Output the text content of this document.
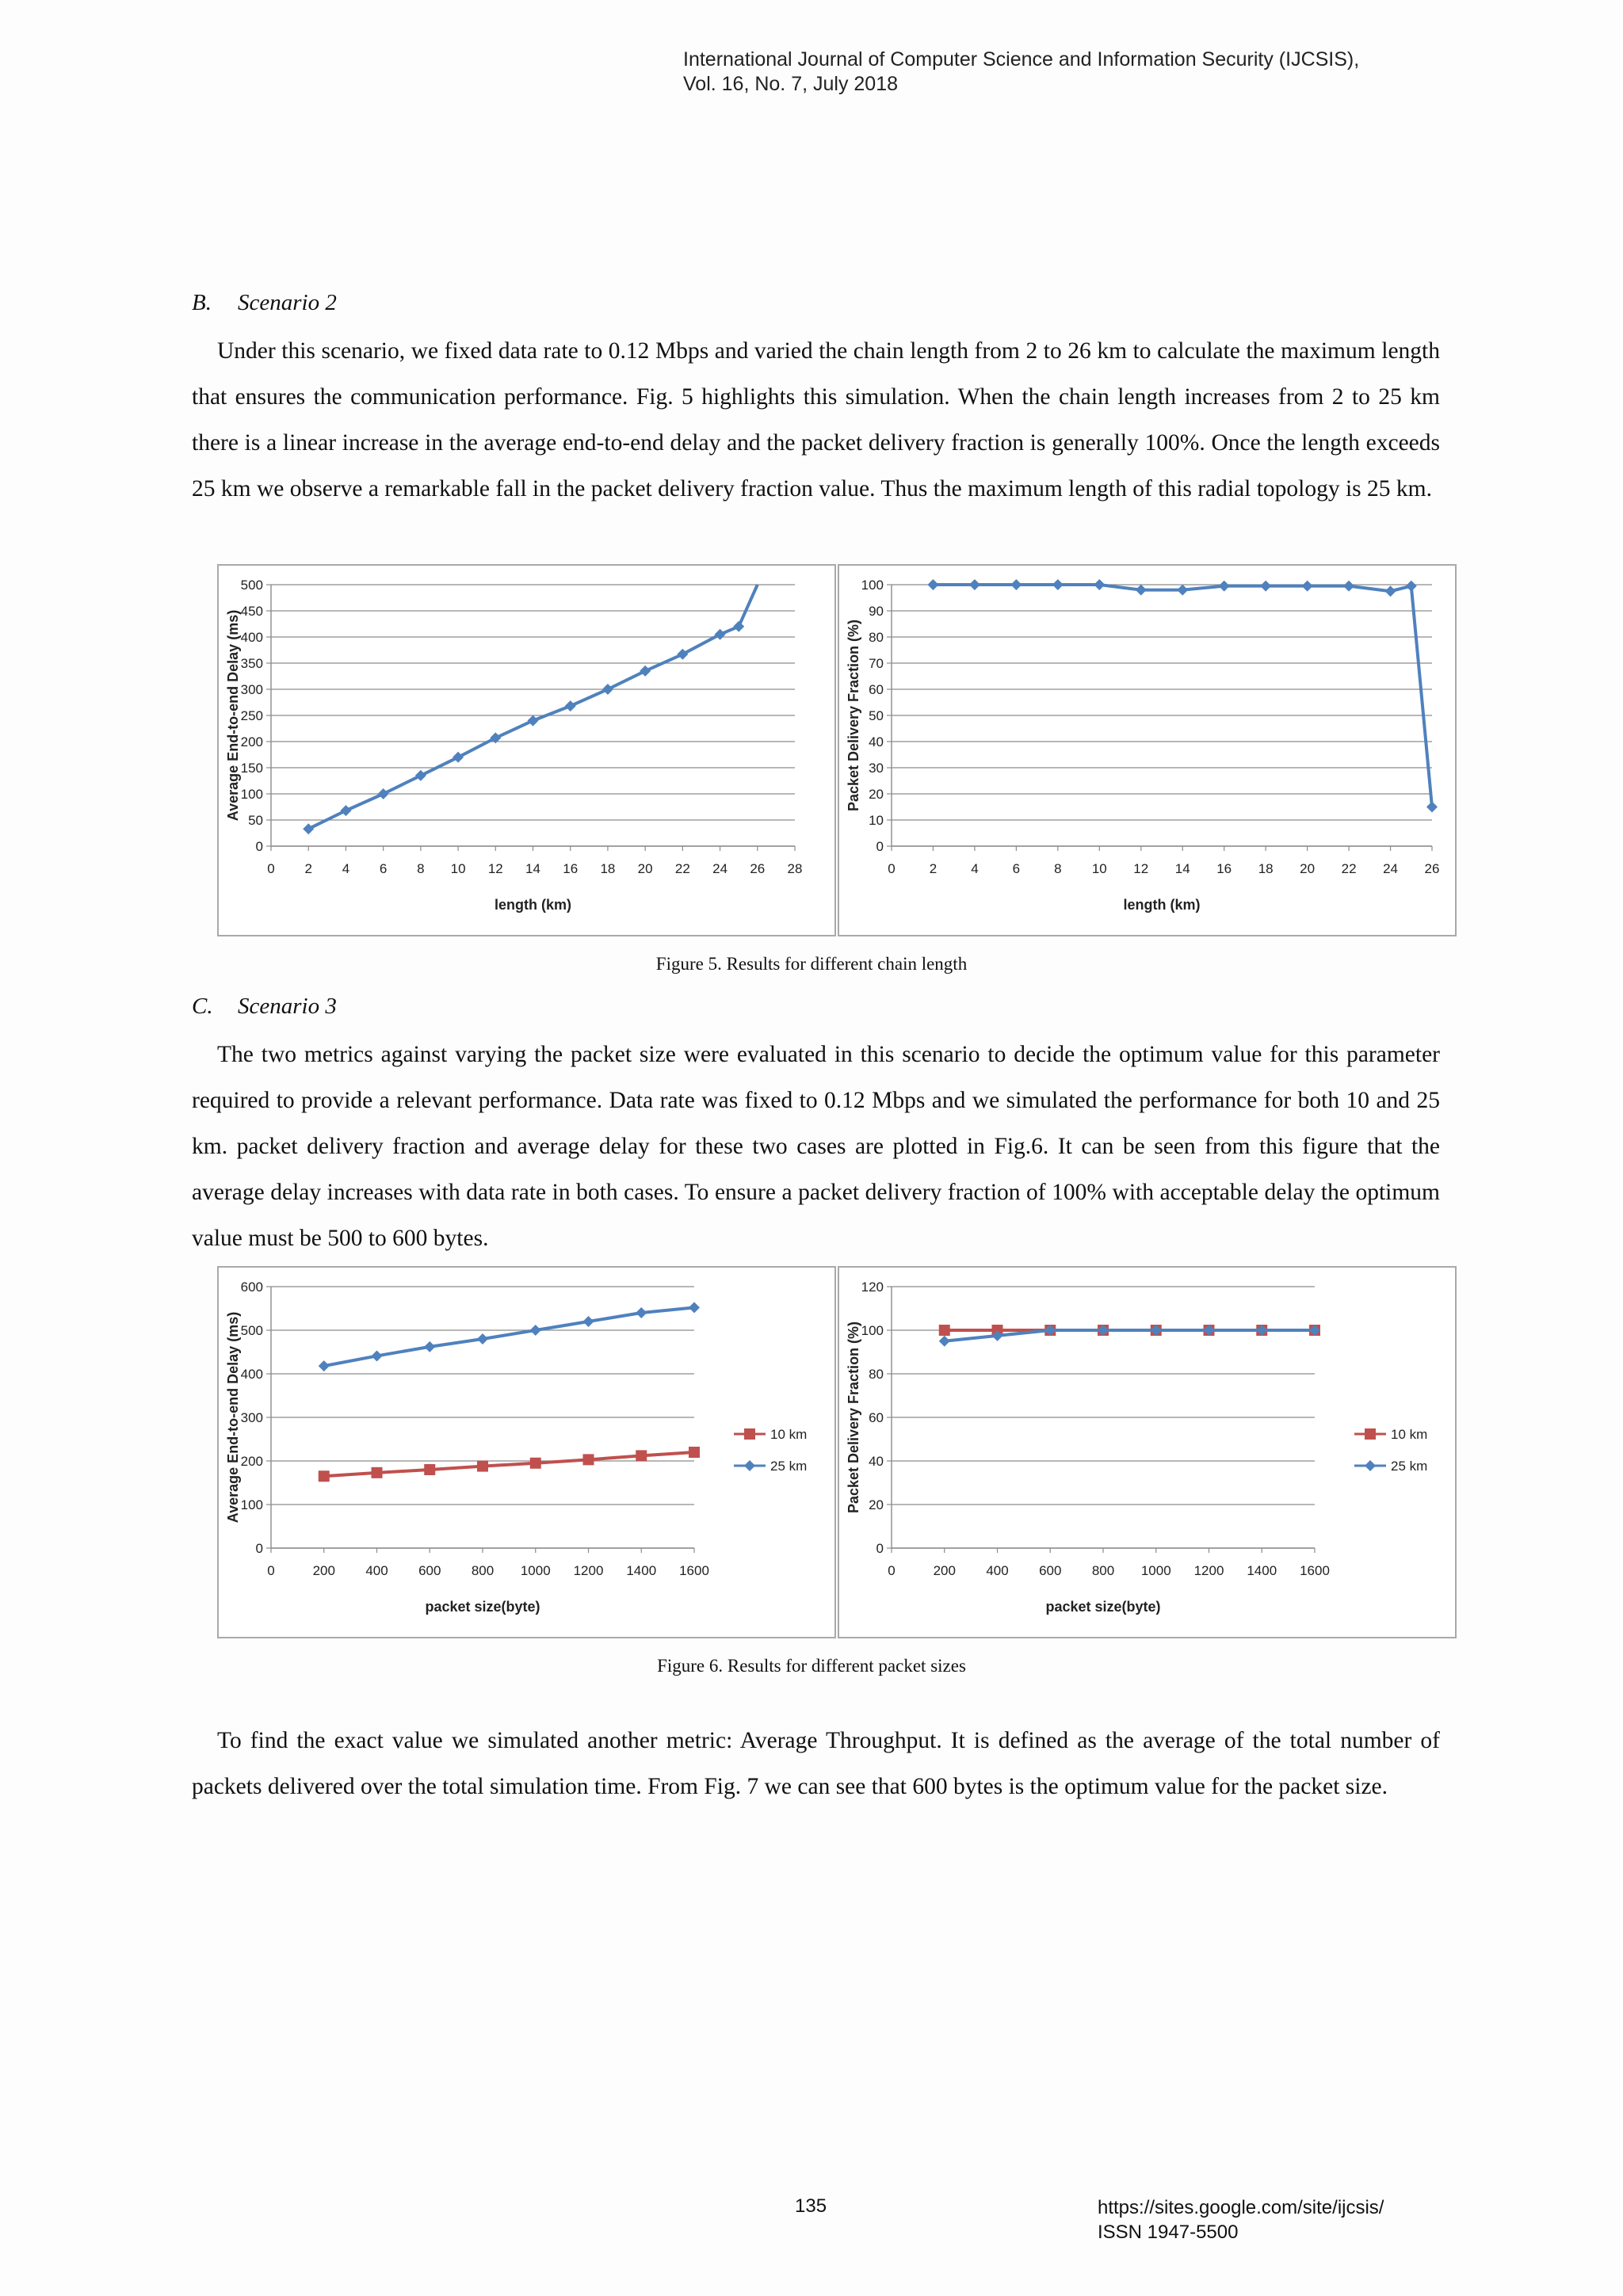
International Journal of Computer Science and Information Security (IJCSIS),
Vol. 16, No. 7, July 2018
B. Scenario 2
Under this scenario, we fixed data rate to 0.12 Mbps and varied the chain length from 2 to 26 km to calculate the maximum length that ensures the communication performance. Fig. 5 highlights this simulation. When the chain length increases from 2 to 25 km there is a linear increase in the average end-to-end delay and the packet delivery fraction is generally 100%. Once the length exceeds 25 km we observe a remarkable fall in the packet delivery fraction value. Thus the maximum length of this radial topology is 25 km.
0
50
100
150
200
250
300
350
400
450
500
0 2 4 6 8 10 12 14 16 18 20 22 24 26 28
length (km)
Average End-to-end Delay (ms)
0
10
20
30
40
50
60
70
80
90
100
0	2	4	6	8 10 12 14 16 18 20 22 24 26
length (km)
Packet Delivery Fraction (%)
Figure 5. Results for different chain length
C. Scenario 3
The two metrics against varying the packet size were evaluated in this scenario to decide the optimum value for this parameter required to provide a relevant performance. Data rate was fixed to 0.12 Mbps and we simulated the performance for both 10 and 25 km. packet delivery fraction and average delay for these two cases are plotted in Fig.6. It can be seen from this figure that the average delay increases with data rate in both cases. To ensure a packet delivery fraction of 100% with acceptable delay the optimum value must be 500 to 600 bytes.
0
100
200
300
400
500
600
0	200 400 600 800 1000 1200 1400 1600
packet size(byte)
Average End-to-end Delay (ms)	10 km
25 km
0
20
40
60
80
100
120
0	200 400 600 800 1000 1200 1400 1600
packet size(byte)
Packet Delivery Fraction (%)	10 km
25 km
Figure 6. Results for different packet sizes
To find the exact value we simulated another metric: Average Throughput. It is defined as the average of the total number of packets delivered over the total simulation time. From Fig. 7 we can see that 600 bytes is the optimum value for the packet size.
135	https://sites.google.com/site/ijcsis/
ISSN 1947-5500
